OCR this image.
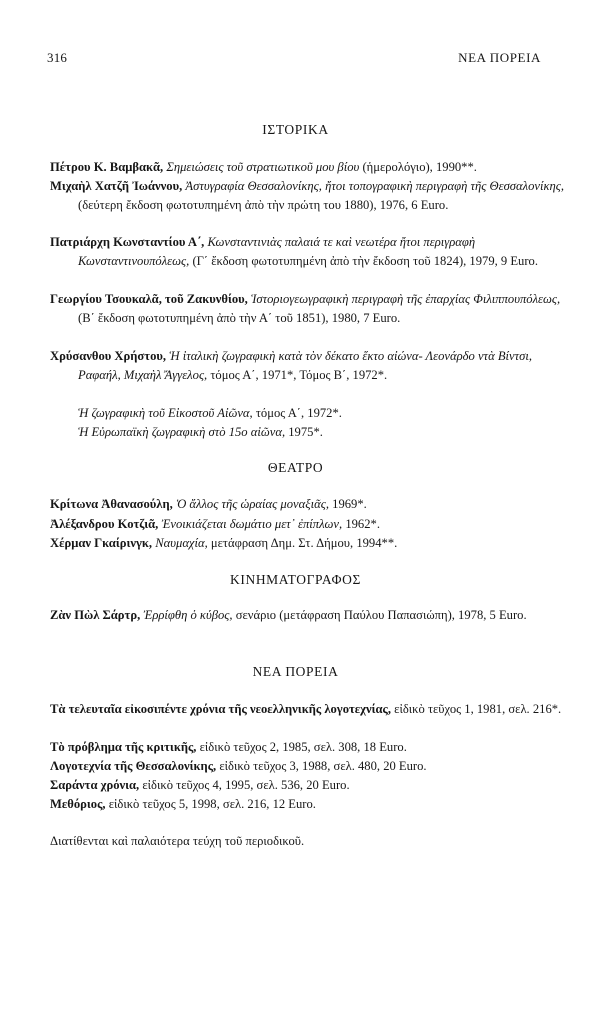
316	ΝΕΑ ΠΟΡΕΙΑ
ΙΣΤΟΡΙΚΑ
Πέτρου Κ. Βαμβακᾶ, Σημειώσεις τοῦ στρατιωτικοῦ μου βίου (ἡμερολόγιο), 1990**.
Μιχαὴλ Χατζῆ Ἰωάννου, Ἀστυγραφία Θεσσαλονίκης, ἤτοι τοπογραφικὴ περιγραφὴ τῆς Θεσσαλονίκης, (δεύτερη ἔκδοση φωτοτυπημένη ἀπὸ τὴν πρώτη του 1880), 1976, 6 Euro.
Πατριάρχη Κωνσταντίου Α΄, Κωνσταντινιὰς παλαιά τε καὶ νεωτέρα ἤτοι περιγραφὴ Κωνσταντινουπόλεως, (Γ΄ ἔκδοση φωτοτυπημένη ἀπὸ τὴν ἔκδοση τοῦ 1824), 1979, 9 Euro.
Γεωργίου Τσουκαλᾶ, τοῦ Ζακυνθίου, Ἱστοριογεωγραφικὴ περιγραφὴ τῆς ἐπαρχίας Φιλιππουπόλεως, (Β΄ ἔκδοση φωτοτυπημένη ἀπὸ τὴν Α΄ τοῦ 1851), 1980, 7 Euro.
Χρύσανθου Χρήστου, Ἡ ἰταλικὴ ζωγραφικὴ κατὰ τὸν δέκατο ἕκτο αἰώνα- Λεονάρδο ντὰ Βίντσι, Ραφαήλ, Μιχαὴλ Ἄγγελος, τόμος Α΄, 1971*, Τόμος Β΄, 1972*.
Ἡ ζωγραφικὴ τοῦ Εἰκοστοῦ Αἰῶνα, τόμος Α΄, 1972*.
Ἡ Εὐρωπαϊκὴ ζωγραφικὴ στὸ 15ο αἰῶνα, 1975*.
ΘΕΑΤΡΟ
Κρίτωνα Ἀθανασούλη, Ὁ ἄλλος τῆς ὡραίας μοναξιᾶς, 1969*.
Ἀλέξανδρου Κοτζιᾶ, Ἐνοικιάζεται δωμάτιο μετ᾽ ἐπίπλων, 1962*.
Χέρμαν Γκαίρινγκ, Ναυμαχία, μετάφραση Δημ. Στ. Δήμου, 1994**.
ΚΙΝΗΜΑΤΟΓΡΑΦΟΣ
Ζὰν Πὼλ Σάρτρ, Ἐρρίφθη ὁ κύβος, σενάριο (μετάφραση Παύλου Παπασιώπη), 1978, 5 Euro.
ΝΕΑ ΠΟΡΕΙΑ
Τὰ τελευταῖα εἰκοσιπέντε χρόνια τῆς νεοελληνικῆς λογοτεχνίας, εἰδικὸ τεῦχος 1, 1981, σελ. 216*.
Τὸ πρόβλημα τῆς κριτικῆς, εἰδικὸ τεῦχος 2, 1985, σελ. 308, 18 Euro.
Λογοτεχνία τῆς Θεσσαλονίκης, εἰδικὸ τεῦχος 3, 1988, σελ. 480, 20 Euro.
Σαράντα χρόνια, εἰδικὸ τεῦχος 4, 1995, σελ. 536, 20 Euro.
Μεθόριος, εἰδικὸ τεῦχος 5, 1998, σελ. 216, 12 Euro.
Διατίθενται καὶ παλαιότερα τεύχη τοῦ περιοδικοῦ.
